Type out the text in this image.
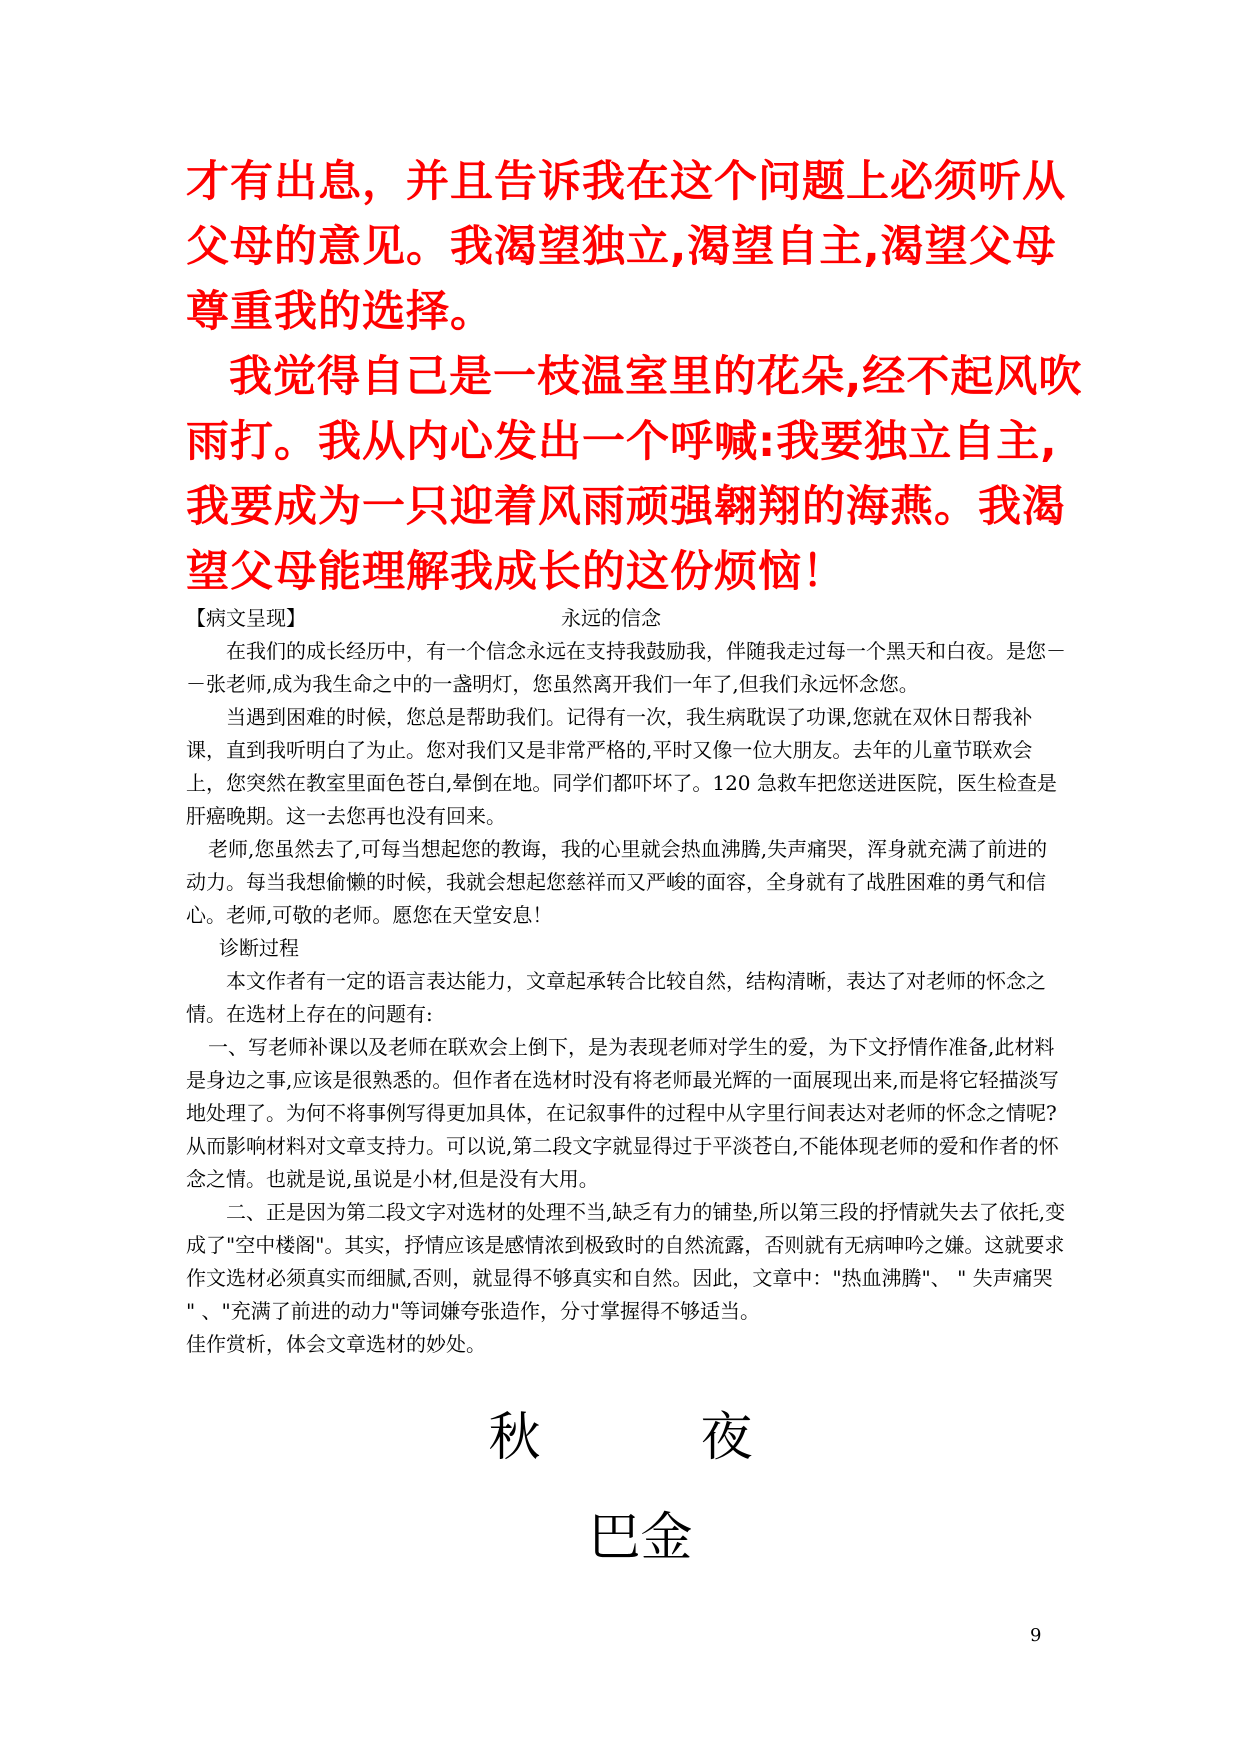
才有出息，并且告诉我在这个问题上必须听从父母的意见。我渴望独立,渴望自主,渴望父母尊重我的选择。

我觉得自己是一枝温室里的花朵,经不起风吹雨打。我从内心发出一个呼喊:我要独立自主,我要成为一只迎着风雨顽强翱翔的海燕。我渴望父母能理解我成长的这份烦恼！

【病文呈现】	永远的信念

在我们的成长经历中，有一个信念永远在支持我鼓励我，伴随我走过每一个黑天和白夜。是您－－张老师,成为我生命之中的一盏明灯，您虽然离开我们一年了,但我们永远怀念您。

当遇到困难的时候，您总是帮助我们。记得有一次，我生病耽误了功课,您就在双休日帮我补课，直到我听明白了为止。您对我们又是非常严格的,平时又像一位大朋友。去年的儿童节联欢会上，您突然在教室里面色苍白,晕倒在地。同学们都吓坏了。120 急救车把您送进医院，医生检查是肝癌晚期。这一去您再也没有回来。

老师,您虽然去了,可每当想起您的教诲，我的心里就会热血沸腾,失声痛哭，浑身就充满了前进的动力。每当我想偷懒的时候，我就会想起您慈祥而又严峻的面容，全身就有了战胜困难的勇气和信心。老师,可敬的老师。愿您在天堂安息！

诊断过程

本文作者有一定的语言表达能力，文章起承转合比较自然，结构清晰，表达了对老师的怀念之情。在选材上存在的问题有:

一、写老师补课以及老师在联欢会上倒下，是为表现老师对学生的爱，为下文抒情作准备,此材料是身边之事,应该是很熟悉的。但作者在选材时没有将老师最光辉的一面展现出来,而是将它轻描淡写地处理了。为何不将事例写得更加具体，在记叙事件的过程中从字里行间表达对老师的怀念之情呢?从而影响材料对文章支持力。可以说,第二段文字就显得过于平淡苍白,不能体现老师的爱和作者的怀念之情。也就是说,虽说是小材,但是没有大用。

二、正是因为第二段文字对选材的处理不当,缺乏有力的铺垫,所以第三段的抒情就失去了依托,变成了"空中楼阁"。其实，抒情应该是感情浓到极致时的自然流露，否则就有无病呻吟之嫌。这就要求作文选材必须真实而细腻,否则，就显得不够真实和自然。因此，文章中："热血沸腾"、 " 失声痛哭 " 、"充满了前进的动力"等词嫌夸张造作，分寸掌握得不够适当。

佳作赏析，体会文章选材的妙处。

秋	夜
巴金
9
